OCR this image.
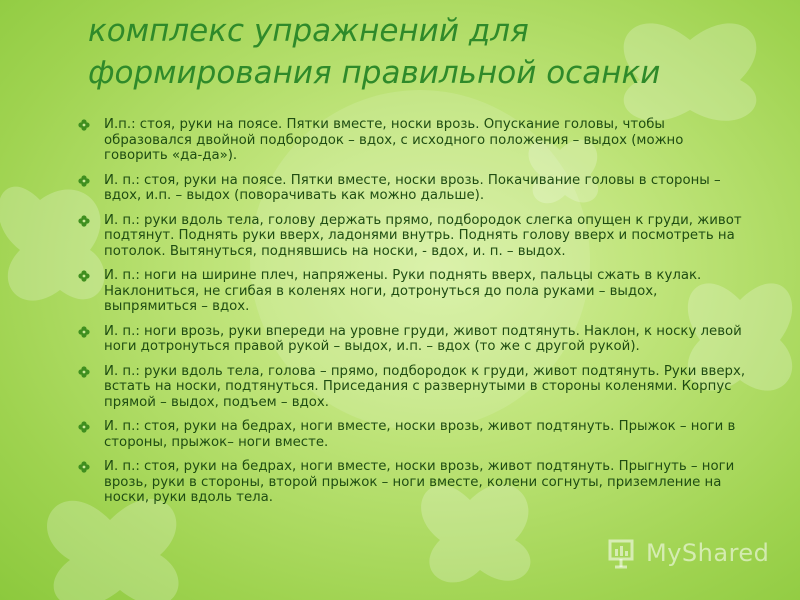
комплекс упражнений для
формирования правильной осанки
И.п.: стоя, руки на поясе. Пятки вместе, носки врозь. Опускание головы, чтобы образовался двойной подбородок – вдох, с исходного положения – выдох (можно говорить «да-да»).
И. п.: стоя, руки на поясе. Пятки вместе, носки врозь. Покачивание головы в стороны – вдох, и.п. – выдох (поворачивать как можно дальше).
И. п.: руки вдоль тела, голову держать прямо, подбородок слегка опущен к груди, живот подтянут. Поднять руки вверх, ладонями внутрь. Поднять голову вверх и посмотреть на потолок. Вытянуться, поднявшись на носки, - вдох, и. п. – выдох.
И. п.: ноги на ширине плеч, напряжены. Руки поднять вверх, пальцы сжать в кулак. Наклониться, не сгибая в коленях ноги, дотронуться до пола руками – выдох, выпрямиться – вдох.
И. п.: ноги врозь, руки впереди на уровне груди, живот подтянуть. Наклон, к носку левой ноги дотронуться правой рукой – выдох, и.п. – вдох (то же с другой рукой).
И. п.: руки вдоль тела, голова – прямо, подбородок к груди, живот подтянуть. Руки вверх, встать на носки, подтянуться. Приседания с развернутыми в стороны коленями. Корпус прямой – выдох, подъем – вдох.
И. п.: стоя, руки на бедрах, ноги вместе, носки врозь, живот подтянуть. Прыжок – ноги в стороны, прыжок– ноги вместе.
И. п.: стоя, руки на бедрах, ноги вместе, носки врозь, живот подтянуть. Прыгнуть – ноги врозь, руки в стороны, второй прыжок – ноги вместе, колени согнуты, приземление на носки, руки вдоль тела.
MyShared
